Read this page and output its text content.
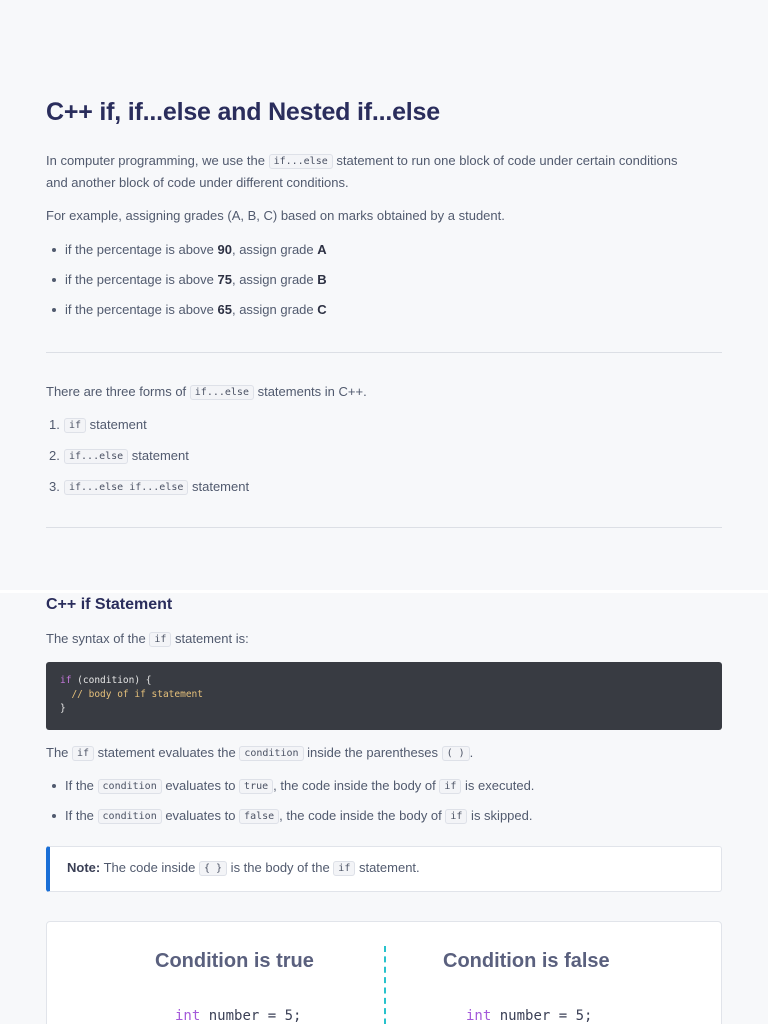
C++ if, if...else and Nested if...else
In computer programming, we use the if...else statement to run one block of code under certain conditions
and another block of code under different conditions.
For example, assigning grades (A, B, C) based on marks obtained by a student.
if the percentage is above 90, assign grade A
if the percentage is above 75, assign grade B
if the percentage is above 65, assign grade C
There are three forms of if...else statements in C++.
1. if statement
2. if...else statement
3. if...else if...else statement
C++ if Statement
The syntax of the if statement is:
if (condition) {
// body of if statement
}
The if statement evaluates the condition inside the parentheses ( ) .
If the condition evaluates to true , the code inside the body of if is executed.
If the condition evaluates to false , the code inside the body of if is skipped.
Note: The code inside { } is the body of the if statement.
Condition is true	Condition is false
int number = 5;	int number = 5;
